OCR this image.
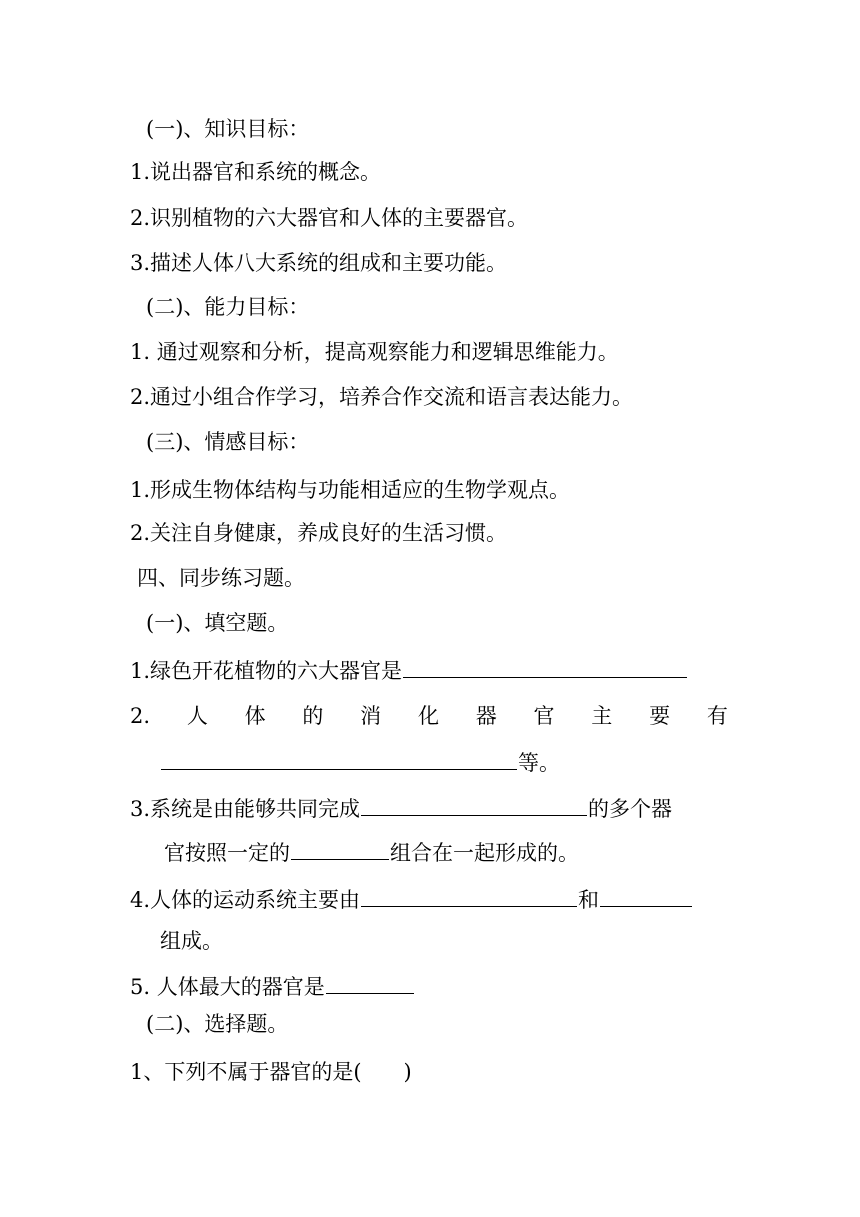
(一)、知识目标：
1.说出器官和系统的概念。
2.识别植物的六大器官和人体的主要器官。
3.描述人体八大系统的组成和主要功能。
(二)、能力目标：
1. 通过观察和分析，提高观察能力和逻辑思维能力。
2.通过小组合作学习，培养合作交流和语言表达能力。
(三)、情感目标：
1.形成生物体结构与功能相适应的生物学观点。
2.关注自身健康，养成良好的生活习惯。
四、同步练习题。
(一)、填空题。
1.绿色开花植物的六大器官是
2. 人 体 的 消 化 器 官 主 要 有
等。
3.系统是由能够共同完成	的多个器
官按照一定的	组合在一起形成的。
4.人体的运动系统主要由	和
组成。
5. 人体最大的器官是
(二)、选择题。
1、下列不属于器官的是(　　)
